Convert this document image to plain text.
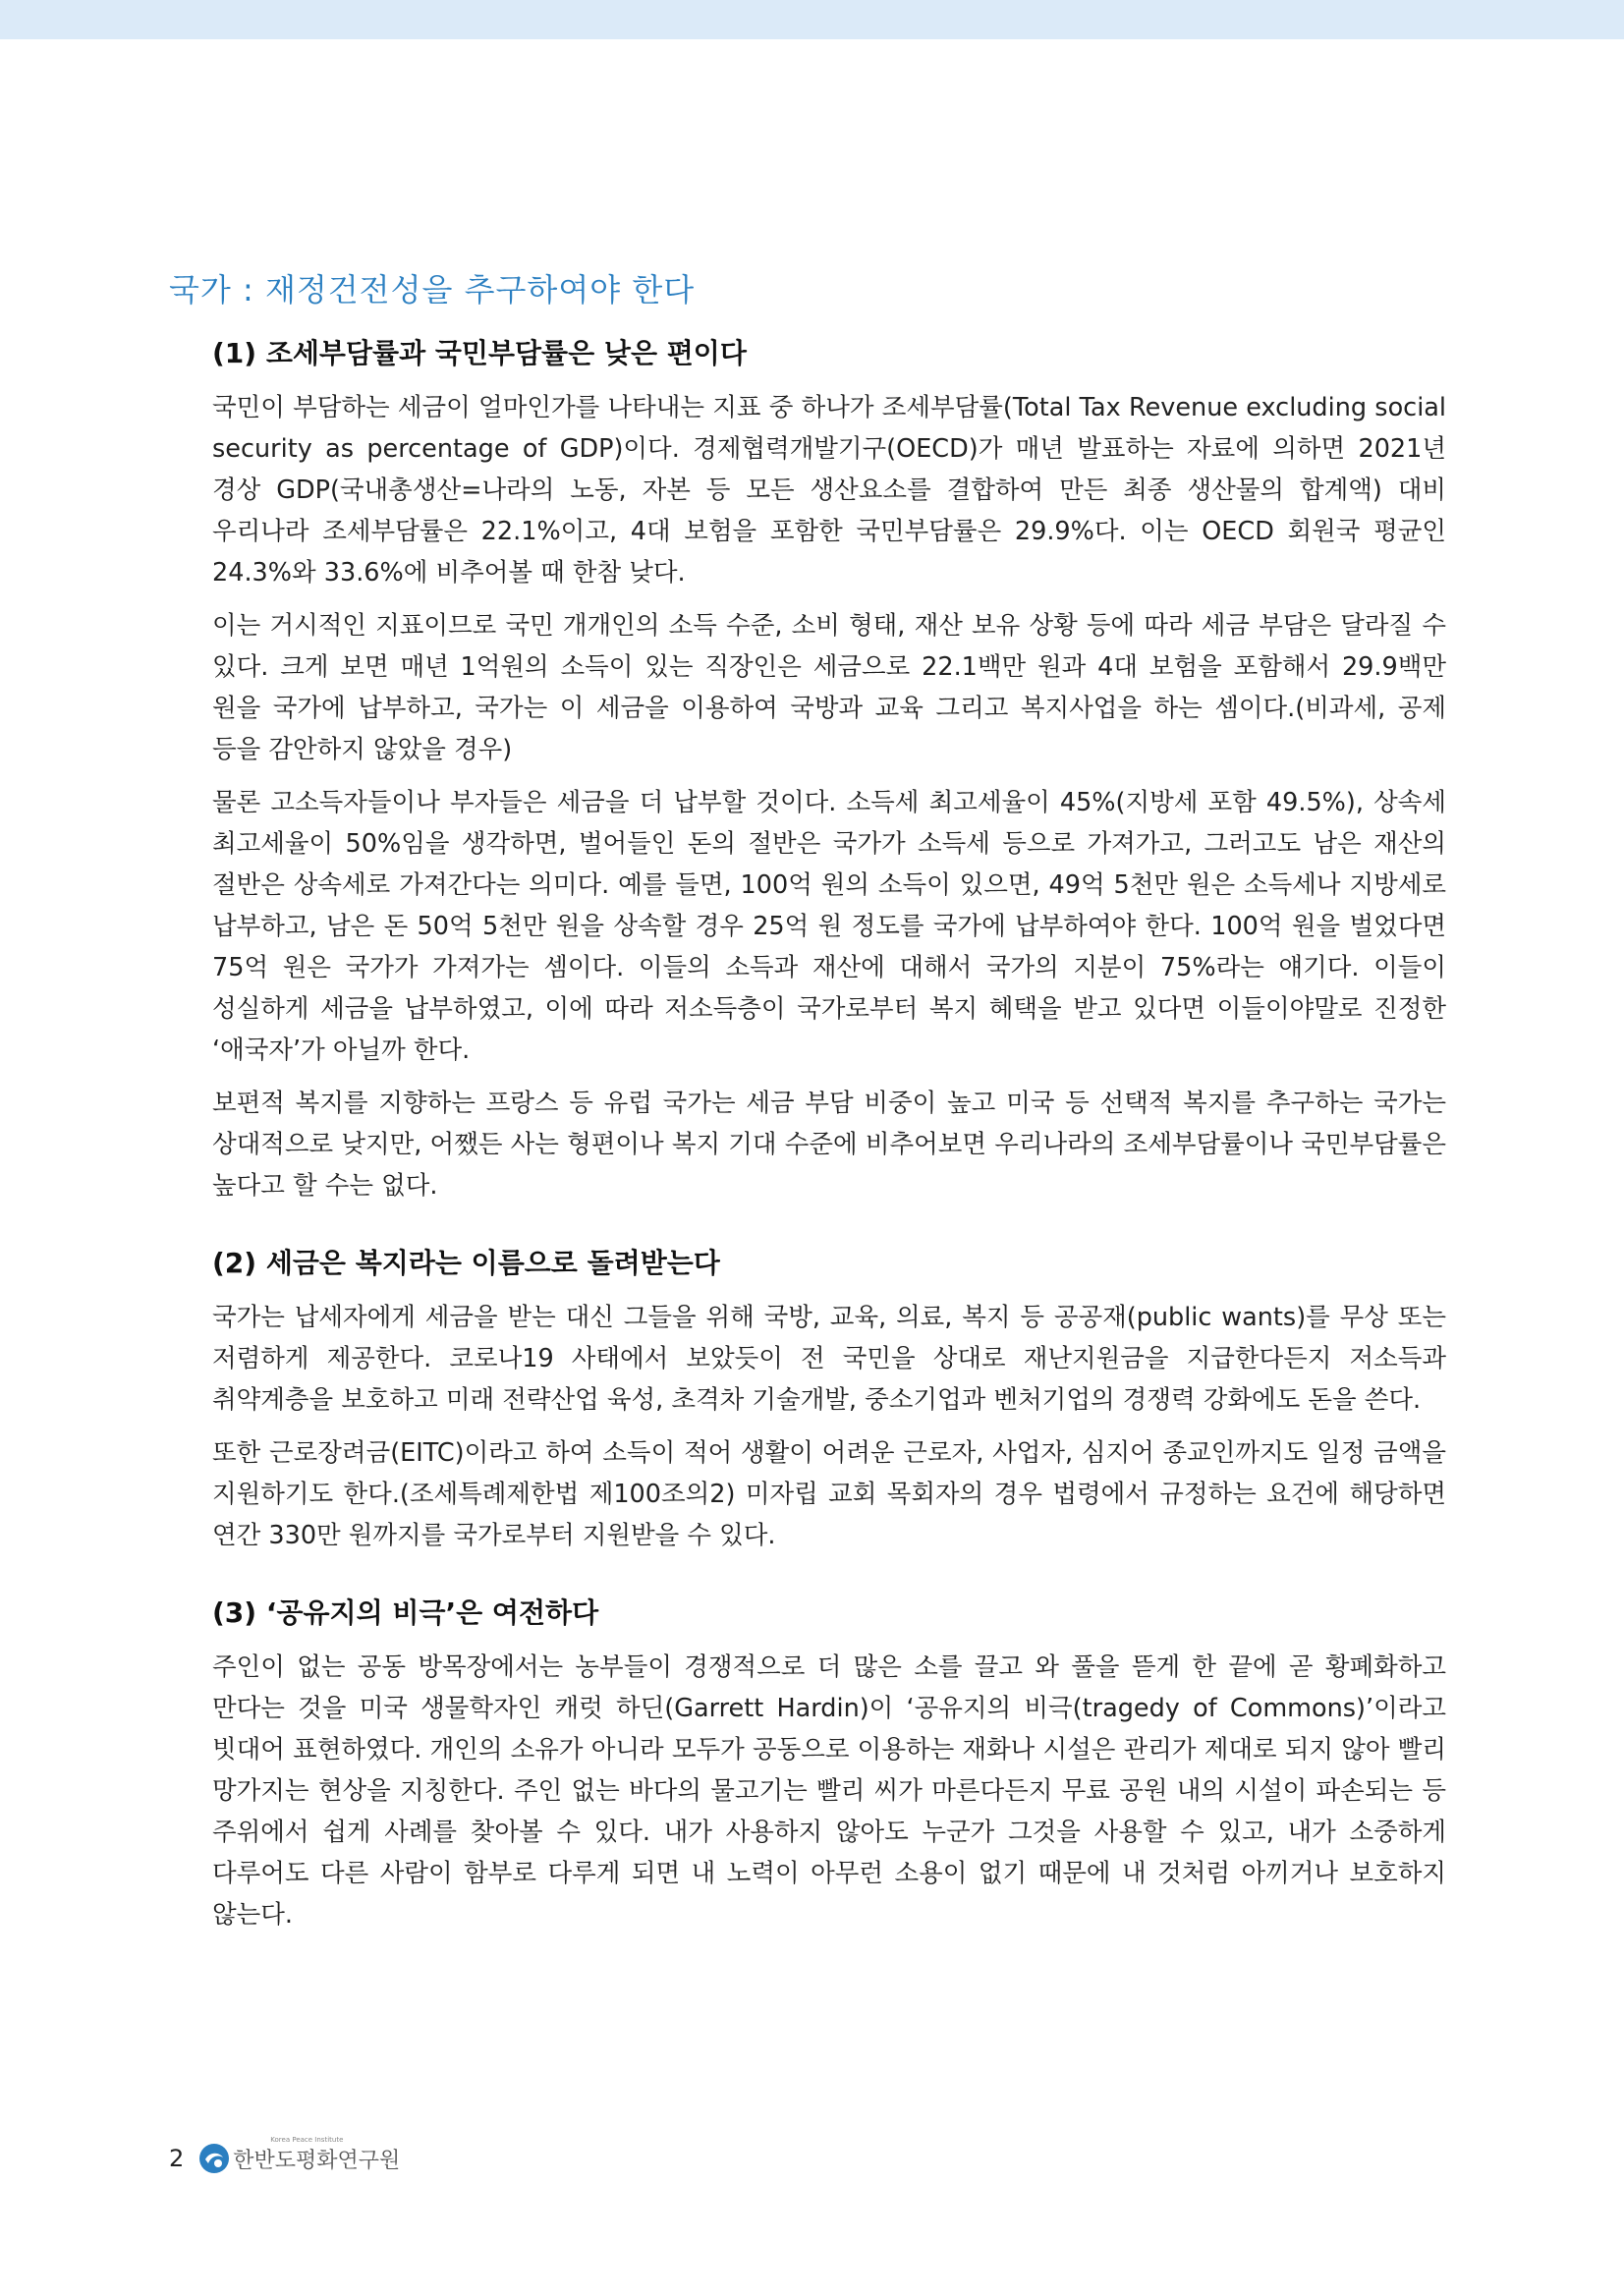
국가 : 재정건전성을 추구하여야 한다
(1) 조세부담률과 국민부담률은 낮은 편이다

국민이 부담하는 세금이 얼마인가를 나타내는 지표 중 하나가 조세부담률(Total Tax Revenue excluding social security as percentage of GDP)이다. 경제협력개발기구(OECD)가 매년 발표하는 자료에 의하면 2021년 경상 GDP(국내총생산=나라의 노동, 자본 등 모든 생산요소를 결합하여 만든 최종 생산물의 합계액) 대비 우리나라 조세부담률은 22.1%이고, 4대 보험을 포함한 국민부담률은 29.9%다. 이는 OECD 회원국 평균인 24.3%와 33.6%에 비추어볼 때 한참 낮다.

이는 거시적인 지표이므로 국민 개개인의 소득 수준, 소비 형태, 재산 보유 상황 등에 따라 세금 부담은 달라질 수 있다. 크게 보면 매년 1억원의 소득이 있는 직장인은 세금으로 22.1백만 원과 4대 보험을 포함해서 29.9백만 원을 국가에 납부하고, 국가는 이 세금을 이용하여 국방과 교육 그리고 복지사업을 하는 셈이다.(비과세, 공제 등을 감안하지 않았을 경우)

물론 고소득자들이나 부자들은 세금을 더 납부할 것이다. 소득세 최고세율이 45%(지방세 포함 49.5%), 상속세 최고세율이 50%임을 생각하면, 벌어들인 돈의 절반은 국가가 소득세 등으로 가져가고, 그러고도 남은 재산의 절반은 상속세로 가져간다는 의미다. 예를 들면, 100억 원의 소득이 있으면, 49억 5천만 원은 소득세나 지방세로 납부하고, 남은 돈 50억 5천만 원을 상속할 경우 25억 원 정도를 국가에 납부하여야 한다. 100억 원을 벌었다면 75억 원은 국가가 가져가는 셈이다. 이들의 소득과 재산에 대해서 국가의 지분이 75%라는 얘기다. 이들이 성실하게 세금을 납부하였고, 이에 따라 저소득층이 국가로부터 복지 혜택을 받고 있다면 이들이야말로 진정한 ‘애국자’가 아닐까 한다.

보편적 복지를 지향하는 프랑스 등 유럽 국가는 세금 부담 비중이 높고 미국 등 선택적 복지를 추구하는 국가는 상대적으로 낮지만, 어쨌든 사는 형편이나 복지 기대 수준에 비추어보면 우리나라의 조세부담률이나 국민부담률은 높다고 할 수는 없다.

(2) 세금은 복지라는 이름으로 돌려받는다

국가는 납세자에게 세금을 받는 대신 그들을 위해 국방, 교육, 의료, 복지 등 공공재(public wants)를 무상 또는 저렴하게 제공한다. 코로나19 사태에서 보았듯이 전 국민을 상대로 재난지원금을 지급한다든지 저소득과 취약계층을 보호하고 미래 전략산업 육성, 초격차 기술개발, 중소기업과 벤처기업의 경쟁력 강화에도 돈을 쓴다.

또한 근로장려금(EITC)이라고 하여 소득이 적어 생활이 어려운 근로자, 사업자, 심지어 종교인까지도 일정 금액을 지원하기도 한다.(조세특례제한법 제100조의2) 미자립 교회 목회자의 경우 법령에서 규정하는 요건에 해당하면 연간 330만 원까지를 국가로부터 지원받을 수 있다.

(3) ‘공유지의 비극’은 여전하다

주인이 없는 공동 방목장에서는 농부들이 경쟁적으로 더 많은 소를 끌고 와 풀을 뜯게 한 끝에 곧 황폐화하고 만다는 것을 미국 생물학자인 캐럿 하딘(Garrett Hardin)이 ‘공유지의 비극(tragedy of Commons)’이라고 빗대어 표현하였다. 개인의 소유가 아니라 모두가 공동으로 이용하는 재화나 시설은 관리가 제대로 되지 않아 빨리 망가지는 현상을 지칭한다. 주인 없는 바다의 물고기는 빨리 씨가 마른다든지 무료 공원 내의 시설이 파손되는 등 주위에서 쉽게 사례를 찾아볼 수 있다. 내가 사용하지 않아도 누군가 그것을 사용할 수 있고, 내가 소중하게 다루어도 다른 사람이 함부로 다루게 되면 내 노력이 아무런 소용이 없기 때문에 내 것처럼 아끼거나 보호하지 않는다.

2
Korea Peace Institute
한반도평화연구원
